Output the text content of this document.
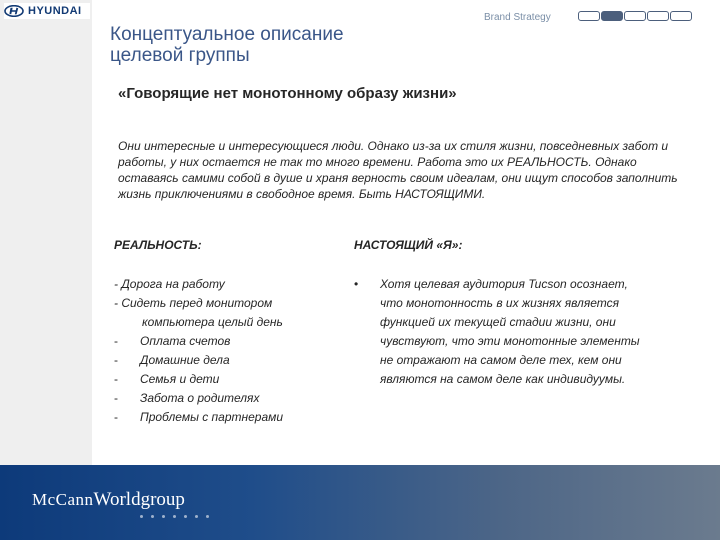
HYUNDAI
Brand Strategy
Концептуальное описание целевой группы
«Говорящие нет монотонному образу жизни»
Они интересные и интересующиеся люди. Однако из-за их стиля жизни, повседневных забот и работы, у них остается не так то много времени. Работа это их РЕАЛЬНОСТЬ. Однако оставаясь самими собой в душе и храня верность своим идеалам, они ищут способов заполнить жизнь приключениями в свободное время. Быть НАСТОЯЩИМИ.
РЕАЛЬНОСТЬ:
- Дорога на работу
- Сидеть перед монитором
компьютера целый день
-	Оплата счетов
-	Домашние дела
-	Семья и дети
-	Забота о родителях
-	Проблемы с партнерами
НАСТОЯЩИЙ «Я»:
•	Хотя целевая аудитория Tucson осознает, что монотонность в их жизнях является функцией их текущей стадии жизни, они чувствуют, что эти монотонные элементы не отражают на самом деле тех, кем они являются на самом деле как индивидуумы.
McCannWorldgroup
